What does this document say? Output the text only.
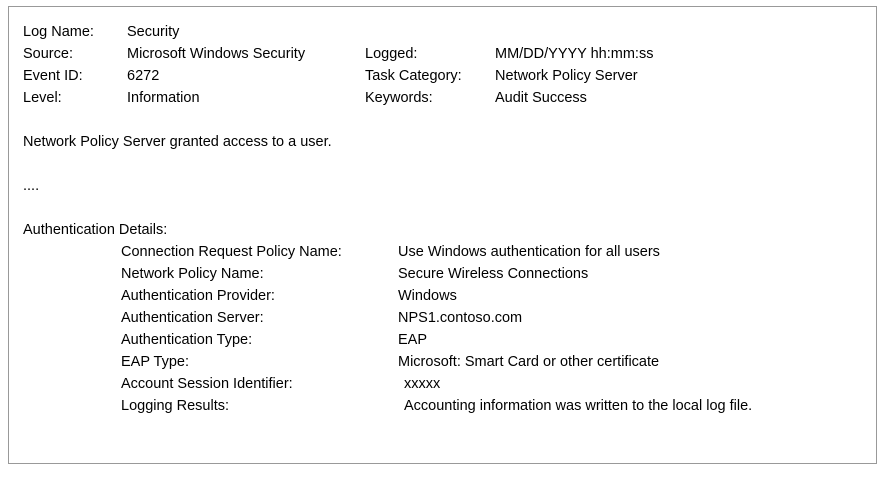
Log Name:	Security
Source:	Microsoft Windows Security	Logged:	MM/DD/YYYY hh:mm:ss
Event ID:	6272	Task Category:	Network Policy Server
Level:	Information	Keywords:	Audit Success
Network Policy Server granted access to a user.
....
Authentication Details:
Connection Request Policy Name:	Use Windows authentication for all users
Network Policy Name:	Secure Wireless Connections
Authentication Provider:	Windows
Authentication Server:	NPS1.contoso.com
Authentication Type:	EAP
EAP Type:	Microsoft: Smart Card or other certificate
Account Session Identifier:	xxxxx
Logging Results:	Accounting information was written to the local log file.
